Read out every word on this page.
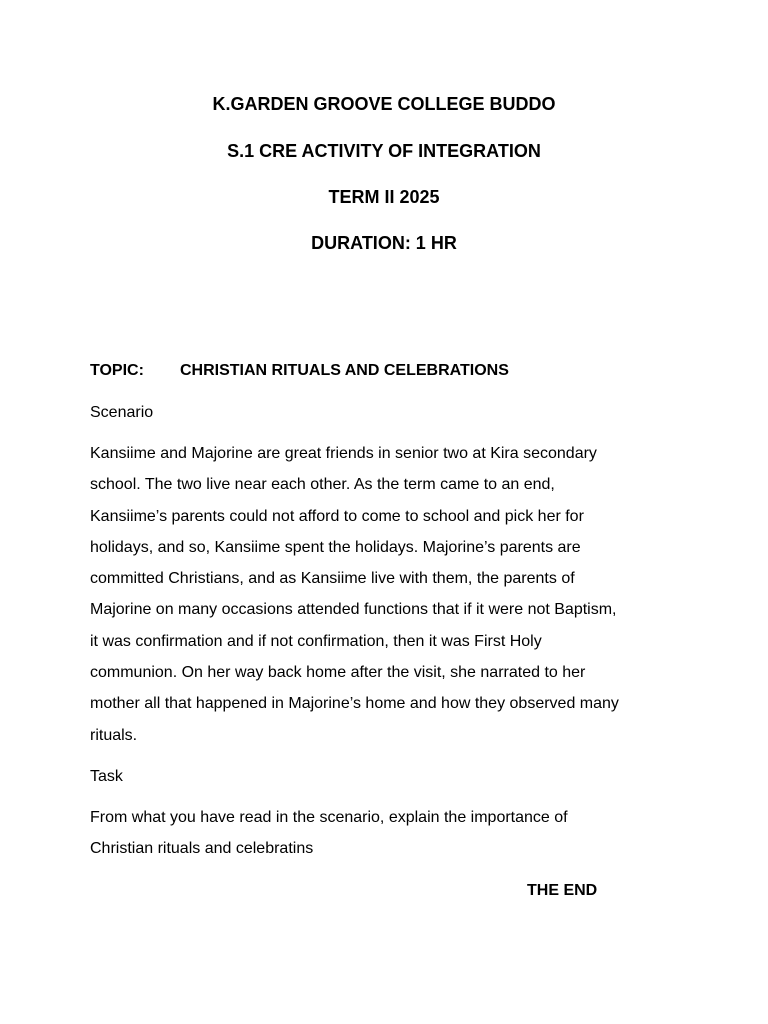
K.GARDEN GROOVE COLLEGE BUDDO
S.1 CRE ACTIVITY OF INTEGRATION
TERM II 2025
DURATION: 1 HR
TOPIC: CHRISTIAN RITUALS AND CELEBRATIONS
Scenario
Kansiime and Majorine are great friends in senior two at Kira secondary
school. The two live near each other. As the term came to an end,
Kansiime’s parents could not afford to come to school and pick her for
holidays, and so, Kansiime spent the holidays. Majorine’s parents are
committed Christians, and as Kansiime live with them, the parents of
Majorine on many occasions attended functions that if it were not Baptism,
it was confirmation and if not confirmation, then it was First Holy
communion. On her way back home after the visit, she narrated to her
mother all that happened in Majorine’s home and how they observed many
rituals.
Task
From what you have read in the scenario, explain the importance of
Christian rituals and celebratins
THE END
